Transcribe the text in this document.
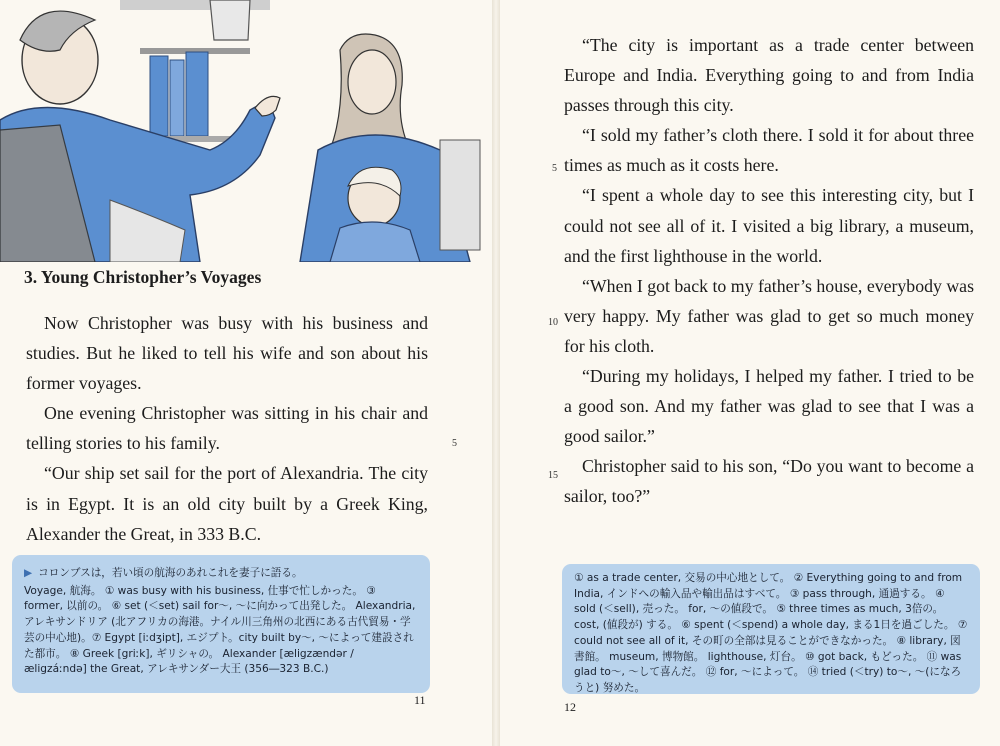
3. Young Christopher’s Voyages
Now Christopher was busy with his business and studies. But he liked to tell his wife and son about his former voyages.
One evening Christopher was sitting in his chair and telling stories to his family.
“Our ship set sail for the port of Alexandria. The city is in Egypt. It is an old city built by a Greek King, Alexander the Great, in 333 B.C.
5

▶ コロンブスは，若い頃の航海のあれこれを妻子に語る。

Voyage, 航海。 ① was busy with his business, 仕事で忙しかった。 ③ former, 以前の。 ⑥ set (＜set) sail for～, ～に向かって出発した。 Alexandria, アレキサンドリア (北アフリカの海港。ナイル川三角州の北西にある古代貿易・学芸の中心地)。⑦ Egypt [iːdʒipt], エジプト。city built by～, ～によって建設された都市。 ⑧ Greek [griːk], ギリシャの。 Alexander [æligzændər / æligzáːndə] the Great, アレキサンダー大王 (356―323 B.C.)

11
“The city is important as a trade center between Europe and India. Everything going to and from India passes through this city.
“I sold my father’s cloth there. I sold it for about three times as much as it costs here.
“I spent a whole day to see this interesting city, but I could not see all of it. I visited a big library, a museum, and the first lighthouse in the world.
“When I got back to my father’s house, everybody was very happy. My father was glad to get so much money for his cloth.
“During my holidays, I helped my father. I tried to be a good son. And my father was glad to see that I was a good sailor.”
Christopher said to his son, “Do you want to become a sailor, too?”
5
10
15

① as a trade center, 交易の中心地として。 ② Everything going to and from India, インドへの輸入品や輸出品はすべて。 ③ pass through, 通過する。 ④ sold (＜sell), 売った。 for, ～の値段で。 ⑤ three times as much, 3倍の。 cost, (値段が) する。 ⑥ spent (＜spend) a whole day, まる1日を過ごした。 ⑦ could not see all of it, その町の全部は見ることができなかった。 ⑧ library, 図書館。 museum, 博物館。 lighthouse, 灯台。 ⑩ got back, もどった。 ⑪ was glad to～, ～して喜んだ。 ⑫ for, ～によって。 ⑭ tried (＜try) to～, ～(になろうと) 努めた。

12
